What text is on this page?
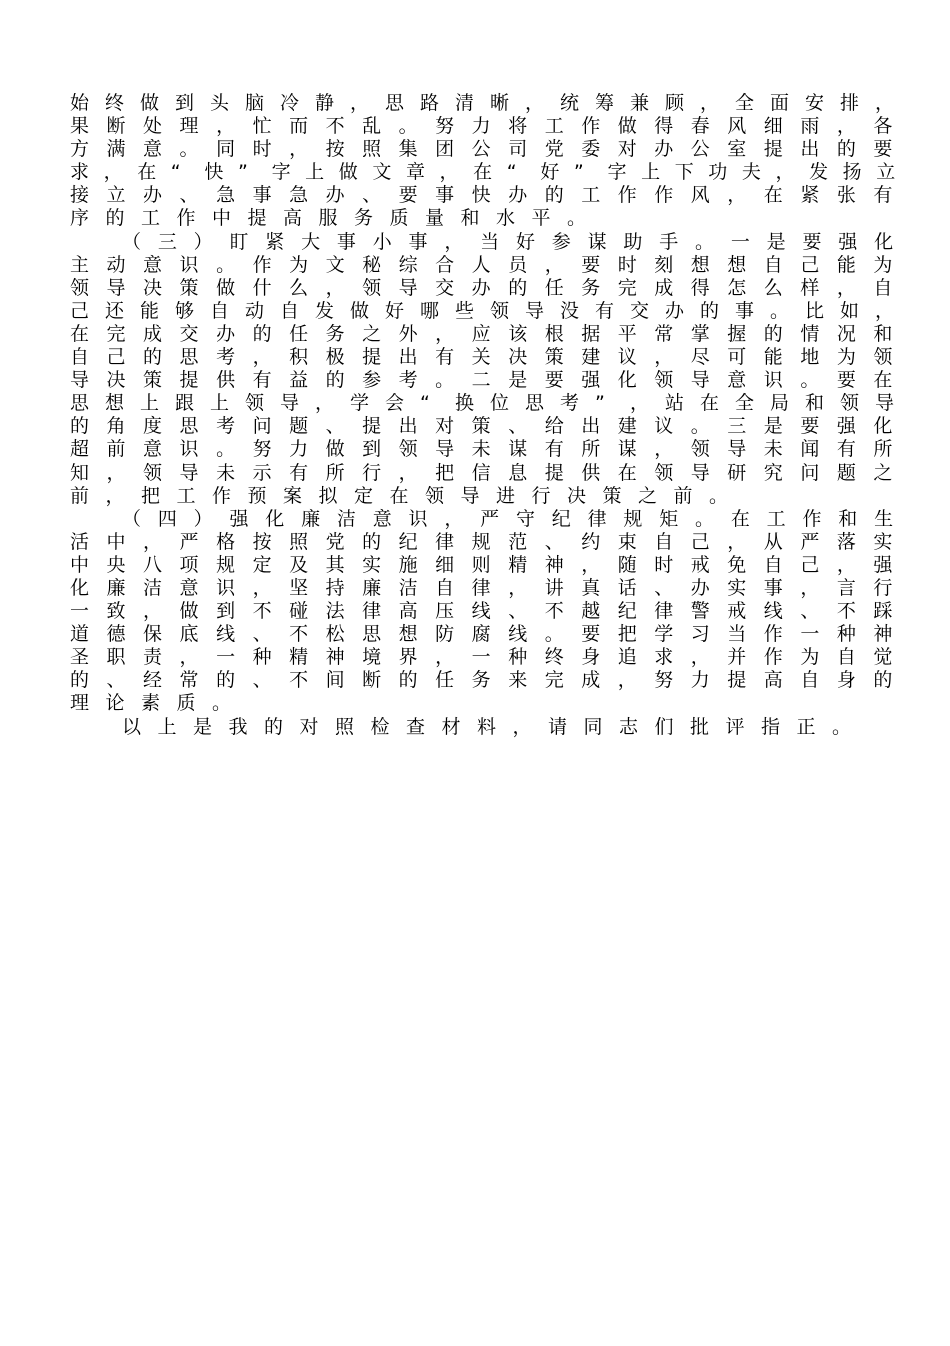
始 终 做 到 头 脑 冷 静 ， 思 路 清 晰 ， 统 筹 兼 顾 ， 全 面 安 排 ，
果 断 处 理 ， 忙 而 不 乱 。 努 力 将 工 作 做 得 春 风 细 雨 ， 各
方 满 意 。 同 时 ， 按 照 集 团 公 司 党 委 对 办 公 室 提 出 的 要
求 ， 在 “ 快 ” 字 上 做 文 章 ， 在 “ 好 ” 字 上 下 功 夫 ， 发 扬 立
接 立 办 、 急 事 急 办 、 要 事 快 办 的 工 作 作 风 ， 在 紧 张 有
序 的 工 作 中 提 高 服 务 质 量 和 水 平 。
（ 三 ） 盯 紧 大 事 小 事 ， 当 好 参 谋 助 手 。 一 是 要 强 化
主 动 意 识 。 作 为 文 秘 综 合 人 员 ， 要 时 刻 想 想 自 己 能 为
领 导 决 策 做 什 么 ， 领 导 交 办 的 任 务 完 成 得 怎 么 样 ， 自
己 还 能 够 自 动 自 发 做 好 哪 些 领 导 没 有 交 办 的 事 。 比 如 ，
在 完 成 交 办 的 任 务 之 外 ， 应 该 根 据 平 常 掌 握 的 情 况 和
自 己 的 思 考 ， 积 极 提 出 有 关 决 策 建 议 ， 尽 可 能 地 为 领
导 决 策 提 供 有 益 的 参 考 。 二 是 要 强 化 领 导 意 识 。 要 在
思 想 上 跟 上 领 导 ， 学 会 “ 换 位 思 考 ” ， 站 在 全 局 和 领 导
的 角 度 思 考 问 题 、 提 出 对 策 、 给 出 建 议 。 三 是 要 强 化
超 前 意 识 。 努 力 做 到 领 导 未 谋 有 所 谋 ， 领 导 未 闻 有 所
知 ， 领 导 未 示 有 所 行 ， 把 信 息 提 供 在 领 导 研 究 问 题 之
前 ， 把 工 作 预 案 拟 定 在 领 导 进 行 决 策 之 前 。
（ 四 ） 强 化 廉 洁 意 识 ， 严 守 纪 律 规 矩 。 在 工 作 和 生
活 中 ， 严 格 按 照 党 的 纪 律 规 范 、 约 束 自 己 ， 从 严 落 实
中 央 八 项 规 定 及 其 实 施 细 则 精 神 ， 随 时 戒 免 自 己 ， 强
化 廉 洁 意 识 ， 坚 持 廉 洁 自 律 ， 讲 真 话 、 办 实 事 ， 言 行
一 致 ， 做 到 不 碰 法 律 高 压 线 、 不 越 纪 律 警 戒 线 、 不 踩
道 德 保 底 线 、 不 松 思 想 防 腐 线 。 要 把 学 习 当 作 一 种 神
圣 职 责 ， 一 种 精 神 境 界 ， 一 种 终 身 追 求 ， 并 作 为 自 觉
的 、 经 常 的 、 不 间 断 的 任 务 来 完 成 ， 努 力 提 高 自 身 的
理 论 素 质 。
以 上 是 我 的 对 照 检 查 材 料 ， 请 同 志 们 批 评 指 正 。
